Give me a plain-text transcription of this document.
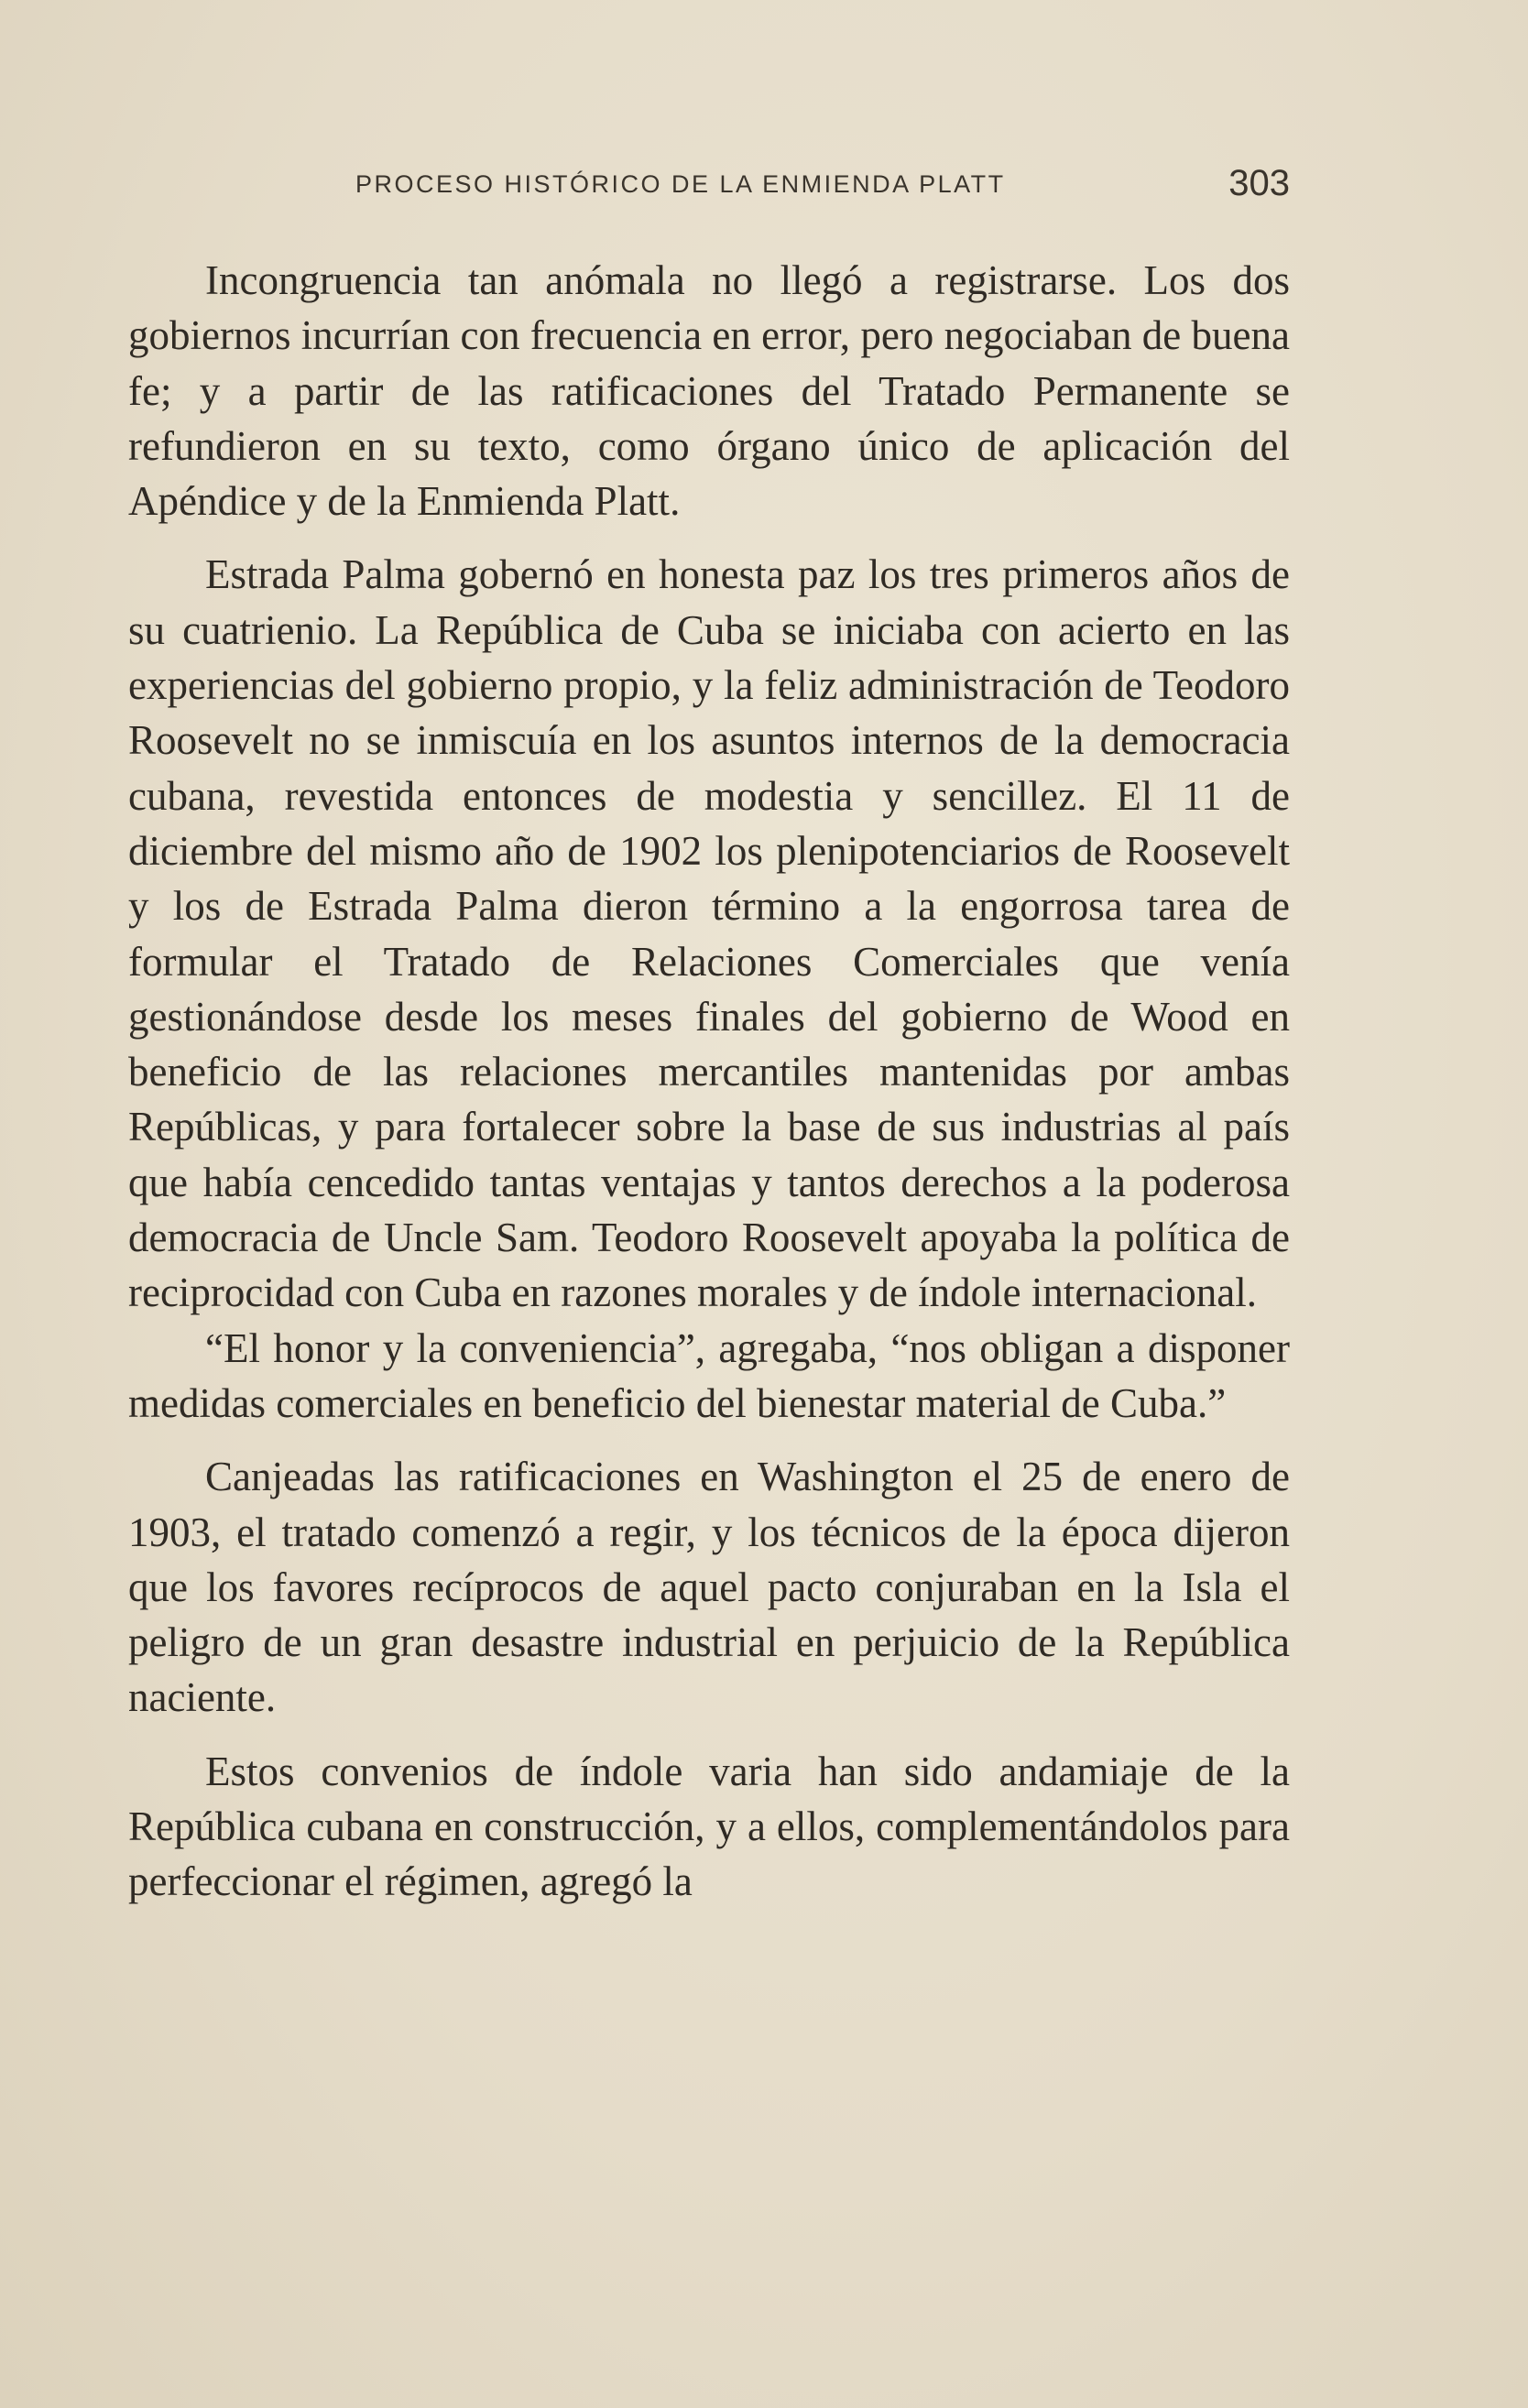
PROCESO HISTÓRICO DE LA ENMIENDA PLATT	303

Incongruencia tan anómala no llegó a registrarse. Los dos gobiernos incurrían con frecuencia en error, pero negociaban de buena fe; y a partir de las ratificaciones del Tratado Permanente se refundieron en su texto, como órgano único de aplicación del Apéndice y de la Enmienda Platt.

Estrada Palma gobernó en honesta paz los tres primeros años de su cuatrienio. La República de Cuba se iniciaba con acierto en las experiencias del gobierno propio, y la feliz administración de Teodoro Roosevelt no se inmiscuía en los asuntos internos de la democracia cubana, revestida entonces de modestia y sencillez. El 11 de diciembre del mismo año de 1902 los plenipotenciarios de Roosevelt y los de Estrada Palma dieron término a la engorrosa tarea de formular el Tratado de Relaciones Comerciales que venía gestionándose desde los meses finales del gobierno de Wood en beneficio de las relaciones mercantiles mantenidas por ambas Repúblicas, y para fortalecer sobre la base de sus industrias al país que había cencedido tantas ventajas y tantos derechos a la poderosa democracia de Uncle Sam. Teodoro Roosevelt apoyaba la política de reciprocidad con Cuba en razones morales y de índole internacional.

“El honor y la conveniencia”, agregaba, “nos obligan a disponer medidas comerciales en beneficio del bienestar material de Cuba.”

Canjeadas las ratificaciones en Washington el 25 de enero de 1903, el tratado comenzó a regir, y los técnicos de la época dijeron que los favores recíprocos de aquel pacto conjuraban en la Isla el peligro de un gran desastre industrial en perjuicio de la República naciente.

Estos convenios de índole varia han sido andamiaje de la República cubana en construcción, y a ellos, complementándolos para perfeccionar el régimen, agregó la
